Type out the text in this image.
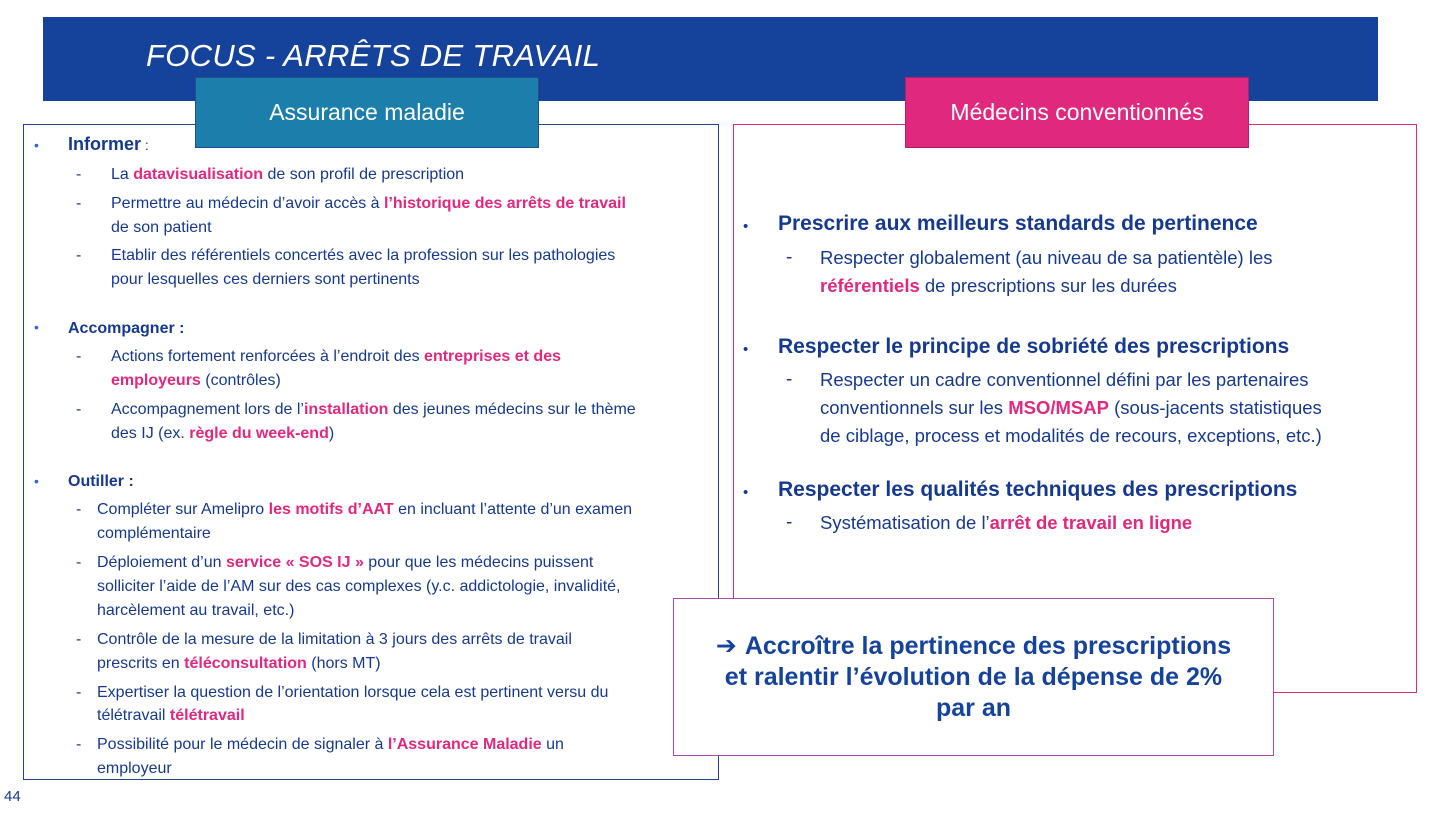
FOCUS - ARRÊTS DE TRAVAIL
Assurance maladie	Médecins conventionnés
• Informer :
- La datavisualisation de son profil de prescription
- Permettre au médecin d’avoir accès à l’historique des arrêts de travail
de son patient
- Etablir des référentiels concertés avec la profession sur les pathologies
pour lesquelles ces derniers sont pertinents
• Accompagner :
- Actions fortement renforcées à l’endroit des entreprises et des
employeurs (contrôles)
- Accompagnement lors de l’installation des jeunes médecins sur le thème
des IJ (ex. règle du week-end)
• Outiller :
- Compléter sur Amelipro les motifs d’AAT en incluant l’attente d’un examen
complémentaire
- Déploiement d’un service « SOS IJ » pour que les médecins puissent
solliciter l’aide de l’AM sur des cas complexes (y.c. addictologie, invalidité,
harcèlement au travail, etc.)
- Contrôle de la mesure de la limitation à 3 jours des arrêts de travail
prescrits en téléconsultation (hors MT)
- Expertiser la question de l’orientation lorsque cela est pertinent versu du
télétravail télétravail
- Possibilité pour le médecin de signaler à l’Assurance Maladie un
employeur
• Prescrire aux meilleurs standards de pertinence
- Respecter globalement (au niveau de sa patientèle) les
référentiels de prescriptions sur les durées
• Respecter le principe de sobriété des prescriptions
- Respecter un cadre conventionnel défini par les partenaires
conventionnels sur les MSO/MSAP (sous-jacents statistiques
de ciblage, process et modalités de recours, exceptions, etc.)
• Respecter les qualités techniques des prescriptions
- Systématisation de l’arrêt de travail en ligne
➔ Accroître la pertinence des prescriptions
et ralentir l’évolution de la dépense de 2%
par an
44
